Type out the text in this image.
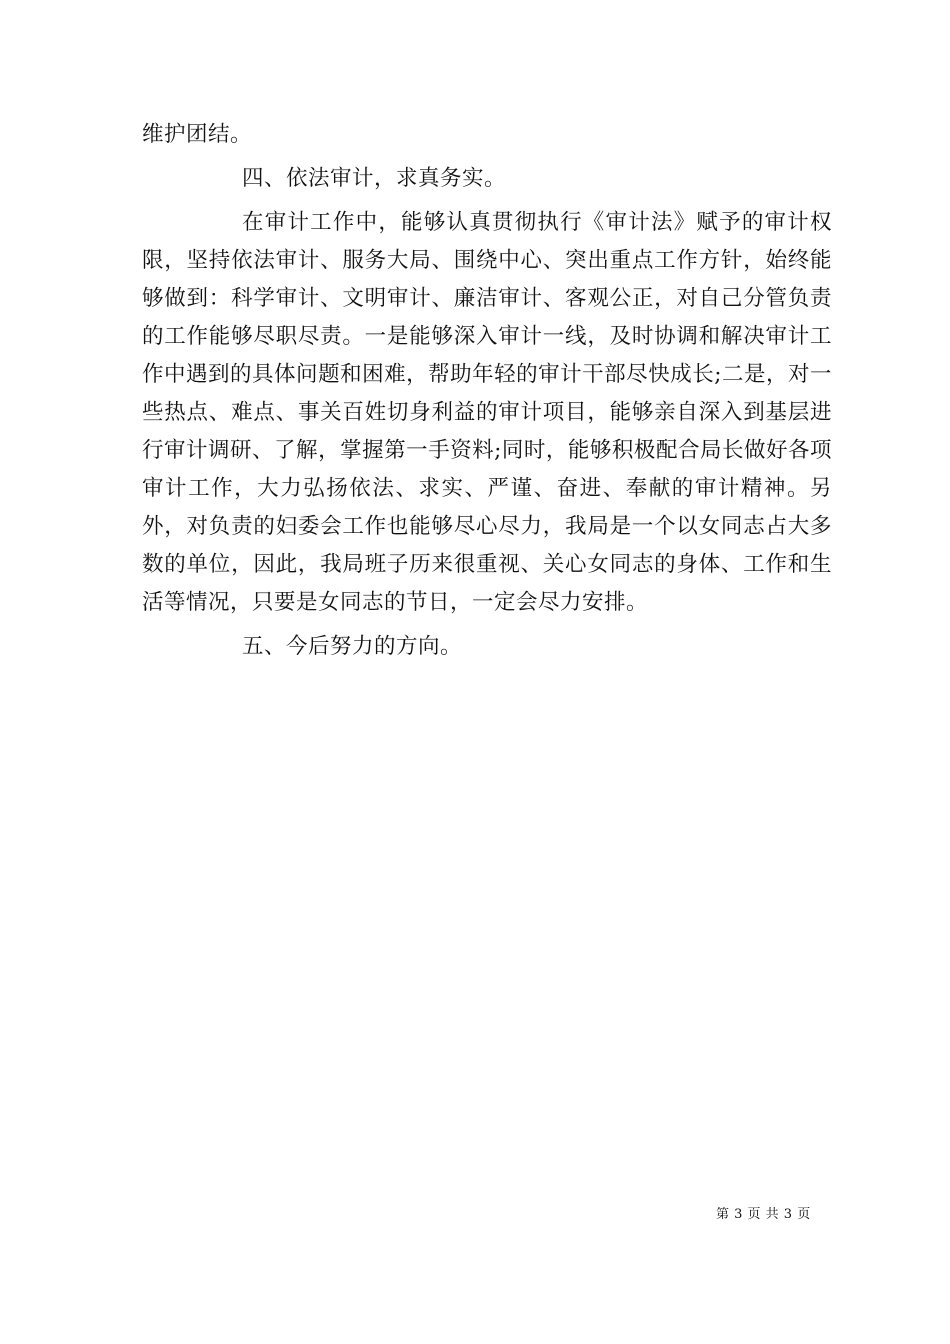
维护团结。

四、依法审计，求真务实。

在审计工作中，能够认真贯彻执行《审计法》赋予的审计权限，坚持依法审计、服务大局、围绕中心、突出重点工作方针，始终能够做到：科学审计、文明审计、廉洁审计、客观公正，对自己分管负责的工作能够尽职尽责。一是能够深入审计一线，及时协调和解决审计工作中遇到的具体问题和困难，帮助年轻的审计干部尽快成长;二是，对一些热点、难点、事关百姓切身利益的审计项目，能够亲自深入到基层进行审计调研、了解，掌握第一手资料;同时，能够积极配合局长做好各项审计工作，大力弘扬依法、求实、严谨、奋进、奉献的审计精神。另外，对负责的妇委会工作也能够尽心尽力，我局是一个以女同志占大多数的单位，因此，我局班子历来很重视、关心女同志的身体、工作和生活等情况，只要是女同志的节日，一定会尽力安排。

五、今后努力的方向。

第 3 页 共 3 页
